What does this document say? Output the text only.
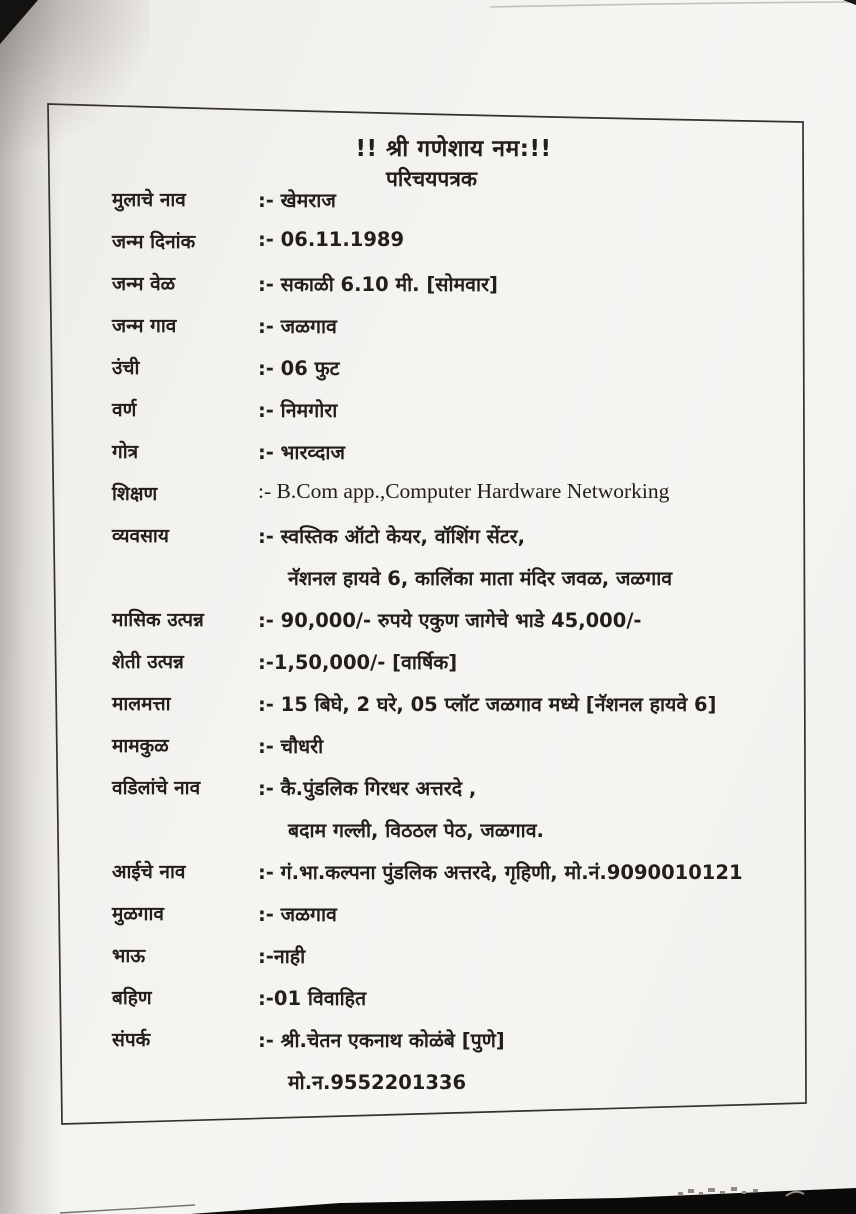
!! श्री गणेशाय नम:!!
परिचयपत्रक
मुलाचे नाव	:- खेमराज
जन्म दिनांक	:- 06.11.1989
जन्म वेळ	:- सकाळी 6.10 मी. [सोमवार]
जन्म गाव	:- जळगाव
उंची	:- 06 फुट
वर्ण	:- निमगोरा
गोत्र	:- भारव्दाज
शिक्षण	:- B.Com app.,Computer Hardware Networking
व्यवसाय	:- स्वस्तिक ऑटो केयर, वॉशिंग सेंटर,
नॅशनल हायवे 6, कालिंका माता मंदिर जवळ, जळगाव
मासिक उत्पन्न	:- 90,000/- रुपये एकुण जागेचे भाडे 45,000/-
शेती उत्पन्न	:-1,50,000/- [वार्षिक]
मालमत्ता	:- 15 बिघे, 2 घरे, 05 प्लॉट जळगाव मध्ये [नॅशनल हायवे 6]
मामकुळ	:- चौधरी
वडिलांचे नाव	:- कै.पुंडलिक गिरधर अत्तरदे ,
बदाम गल्ली, विठठल पेठ, जळगाव.
आईचे नाव	:- गं.भा.कल्पना पुंडलिक अत्तरदे, गृहिणी, मो.नं.9090010121
मुळगाव	:- जळगाव
भाऊ	:-नाही
बहिण	:-01 विवाहित
संपर्क	:- श्री.चेतन एकनाथ कोळंबे [पुणे]
मो.न.9552201336
